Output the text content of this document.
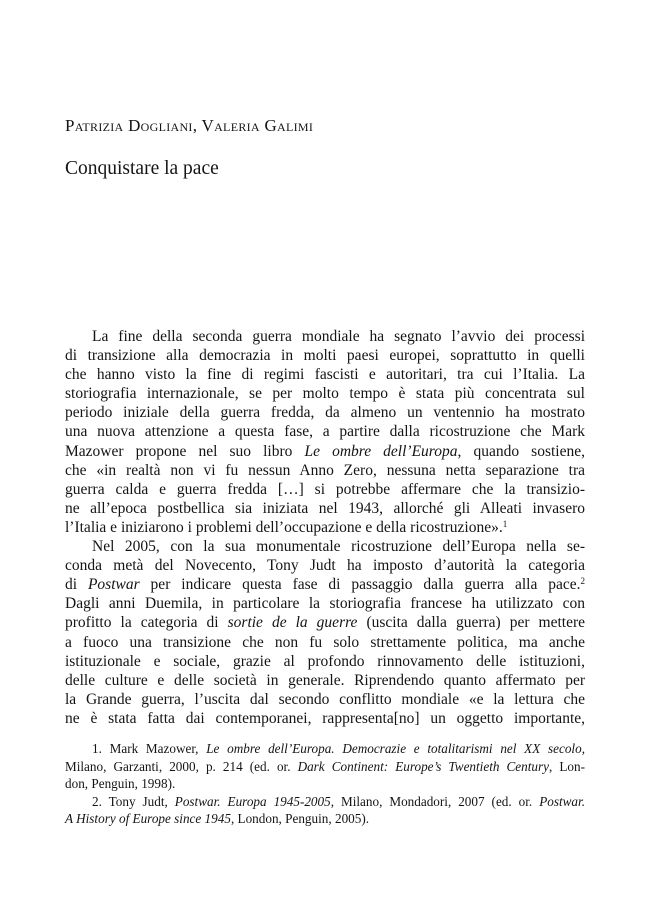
Patrizia Dogliani, Valeria Galimi
Conquistare la pace
La fine della seconda guerra mondiale ha segnato l’avvio dei processi
di transizione alla democrazia in molti paesi europei, soprattutto in quelli
che hanno visto la fine di regimi fascisti e autoritari, tra cui l’Italia. La
storiografia internazionale, se per molto tempo è stata più concentrata sul
periodo iniziale della guerra fredda, da almeno un ventennio ha mostrato
una nuova attenzione a questa fase, a partire dalla ricostruzione che Mark
Mazower propone nel suo libro Le ombre dell’Europa, quando sostiene,
che «in realtà non vi fu nessun Anno Zero, nessuna netta separazione tra
guerra calda e guerra fredda […] si potrebbe affermare che la transizio-
ne all’epoca postbellica sia iniziata nel 1943, allorché gli Alleati invasero
l’Italia e iniziarono i problemi dell’occupazione e della ricostruzione».$^1$
Nel 2005, con la sua monumentale ricostruzione dell’Europa nella se-
conda metà del Novecento, Tony Judt ha imposto d’autorità la categoria
di Postwar per indicare questa fase di passaggio dalla guerra alla pace.$^2$
Dagli anni Duemila, in particolare la storiografia francese ha utilizzato con
profitto la categoria di sortie de la guerre (uscita dalla guerra) per mettere
a fuoco una transizione che non fu solo strettamente politica, ma anche
istituzionale e sociale, grazie al profondo rinnovamento delle istituzioni,
delle culture e delle società in generale. Riprendendo quanto affermato per
la Grande guerra, l’uscita dal secondo conflitto mondiale «e la lettura che
ne è stata fatta dai contemporanei, rappresenta[no] un oggetto importante,
1. Mark Mazower, Le ombre dell’Europa. Democrazie e totalitarismi nel XX secolo,
Milano, Garzanti, 2000, p. 214 (ed. or. Dark Continent: Europe’s Twentieth Century, Lon-
don, Penguin, 1998).
2. Tony Judt, Postwar. Europa 1945-2005, Milano, Mondadori, 2007 (ed. or. Postwar.
A History of Europe since 1945, London, Penguin, 2005).
